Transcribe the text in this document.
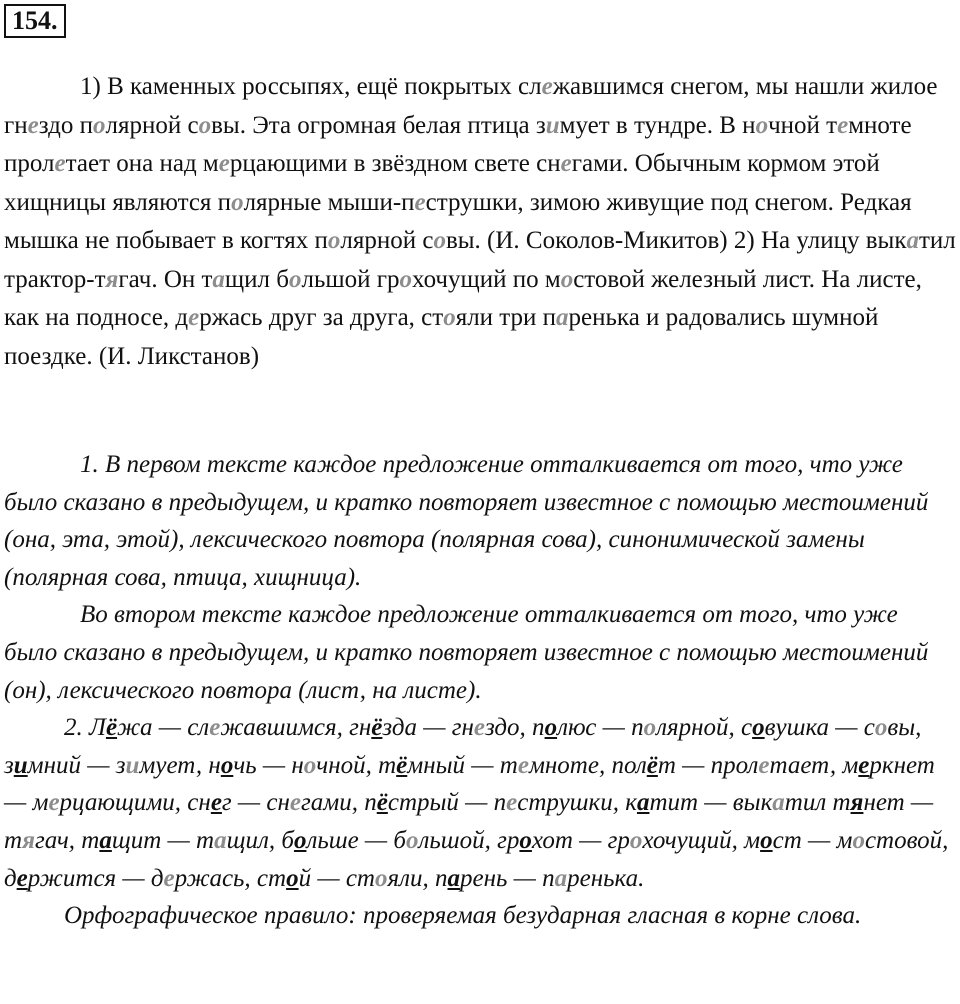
154.

1) В каменных россыпях, ещё покрытых слежавшимся снегом, мы нашли жилое гнездо полярной совы. Эта огромная белая птица зимует в тундре. В ночной темноте пролетает она над мерцающими в звёздном свете снегами. Обычным кормом этой хищницы являются полярные мыши-пеструшки, зимою живущие под снегом. Редкая мышка не побывает в когтях полярной совы. (И. Соколов-Микитов) 2) На улицу выкатил трактор-тягач. Он тащил большой грохочущий по мостовой железный лист. На листе, как на подносе, держась друг за друга, стояли три паренька и радовались шумной поездке. (И. Ликстанов)

1. В первом тексте каждое предложение отталкивается от того, что уже было сказано в предыдущем, и кратко повторяет известное с помощью местоимений (она, эта, этой), лексического повтора (полярная сова), синонимической замены (полярная сова, птица, хищница).

Во втором тексте каждое предложение отталкивается от того, что уже было сказано в предыдущем, и кратко повторяет известное с помощью местоимений (он), лексического повтора (лист, на листе).

2. Лёжа — слежавшимся, гнёзда — гнездо, полюс — полярной, совушка — совы, зимний — зимует, ночь — ночной, тёмный — темноте, полёт — пролетает, меркнет — мерцающими, снег — снегами, пёстрый — пеструшки, катит — выкатил тянет — тягач, тащит — тащил, больше — большой, грохот — грохочущий, мост — мостовой, держится — держась, стой — стояли, парень — паренька.

Орфографическое правило: проверяемая безударная гласная в корне слова.
